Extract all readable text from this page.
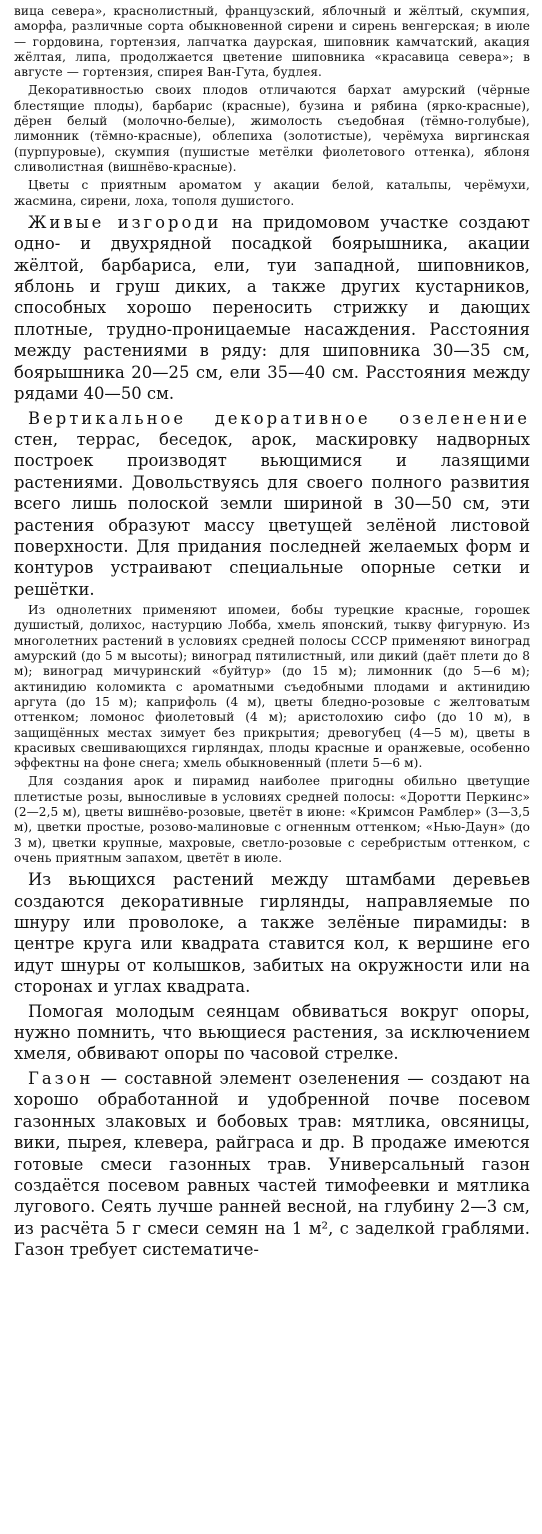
вица севера», краснолистный, французский, яблочный и жёлтый, скумпия, аморфа, различные сорта обыкновенной сирени и сирень венгерская; в июле — гордовина, гортензия, лапчатка даурская, шиповник камчатский, акация жёлтая, липа, продолжается цветение шиповника «красавица севера»; в августе — гортензия, спирея Ван-Гута, будлея.

Декоративностью своих плодов отличаются бархат амурский (чёрные блестящие плоды), барбарис (красные), бузина и рябина (ярко-красные), дёрен белый (молочно-белые), жимолость съедобная (тёмно-голубые), лимонник (тёмно-красные), облепиха (золотистые), черёмуха виргинская (пурпуровые), скумпия (пушистые метёлки фиолетового оттенка), яблоня сливолистная (вишнёво-красные).

Цветы с приятным ароматом у акации белой, катальпы, черёмухи, жасмина, сирени, лоха, тополя душистого.

Живые изгороди на придомовом участке создают одно- и двухрядной посадкой боярышника, акации жёлтой, барбариса, ели, туи западной, шиповников, яблонь и груш диких, а также других кустарников, способных хорошо переносить стрижку и дающих плотные, трудно-проницаемые насаждения. Расстояния между растениями в ряду: для шиповника 30—35 см, боярышника 20—25 см, ели 35—40 см. Расстояния между рядами 40—50 см.

Вертикальное декоративное озеленение стен, террас, беседок, арок, маскировку надворных построек производят вьющимися и лазящими растениями. Довольствуясь для своего полного развития всего лишь полоской земли шириной в 30—50 см, эти растения образуют массу цветущей зелёной листовой поверхности. Для придания последней желаемых форм и контуров устраивают специальные опорные сетки и решётки.

Из однолетних применяют ипомеи, бобы турецкие красные, горошек душистый, долихос, настурцию Лобба, хмель японский, тыкву фигурную. Из многолетних растений в условиях средней полосы СССР применяют виноград амурский (до 5 м высоты); виноград пятилистный, или дикий (даёт плети до 8 м); виноград мичуринский «буйтур» (до 15 м); лимонник (до 5—6 м); актинидию коломикта с ароматными съедобными плодами и актинидию аргута (до 15 м); каприфоль (4 м), цветы бледно-розовые с желтоватым оттенком; ломонос фиолетовый (4 м); аристолохию сифо (до 10 м), в защищённых местах зимует без прикрытия; древогубец (4—5 м), цветы в красивых свешивающихся гирляндах, плоды красные и оранжевые, особенно эффектны на фоне снега; хмель обыкновенный (плети 5—6 м).

Для создания арок и пирамид наиболее пригодны обильно цветущие плетистые розы, выносливые в условиях средней полосы: «Доротти Перкинс» (2—2,5 м), цветы вишнёво-розовые, цветёт в июне: «Кримсон Рамблер» (3—3,5 м), цветки простые, розово-малиновые с огненным оттенком; «Нью-Даун» (до 3 м), цветки крупные, махровые, светло-розовые с серебристым оттенком, с очень приятным запахом, цветёт в июле.

Из вьющихся растений между штамбами деревьев создаются декоративные гирлянды, направляемые по шнуру или проволоке, а также зелёные пирамиды: в центре круга или квадрата ставится кол, к вершине его идут шнуры от колышков, забитых на окружности или на сторонах и углах квадрата.

Помогая молодым сеянцам обвиваться вокруг опоры, нужно помнить, что вьющиеся растения, за исключением хмеля, обвивают опоры по часовой стрелке.

Газон — составной элемент озеленения — создают на хорошо обработанной и удобренной почве посевом газонных злаковых и бобовых трав: мятлика, овсяницы, вики, пырея, клевера, райграса и др. В продаже имеются готовые смеси газонных трав. Универсальный газон создаётся посевом равных частей тимофеевки и мятлика лугового. Сеять лучше ранней весной, на глубину 2—3 см, из расчёта 5 г смеси семян на 1 м², с заделкой граблями. Газон требует систематиче-
